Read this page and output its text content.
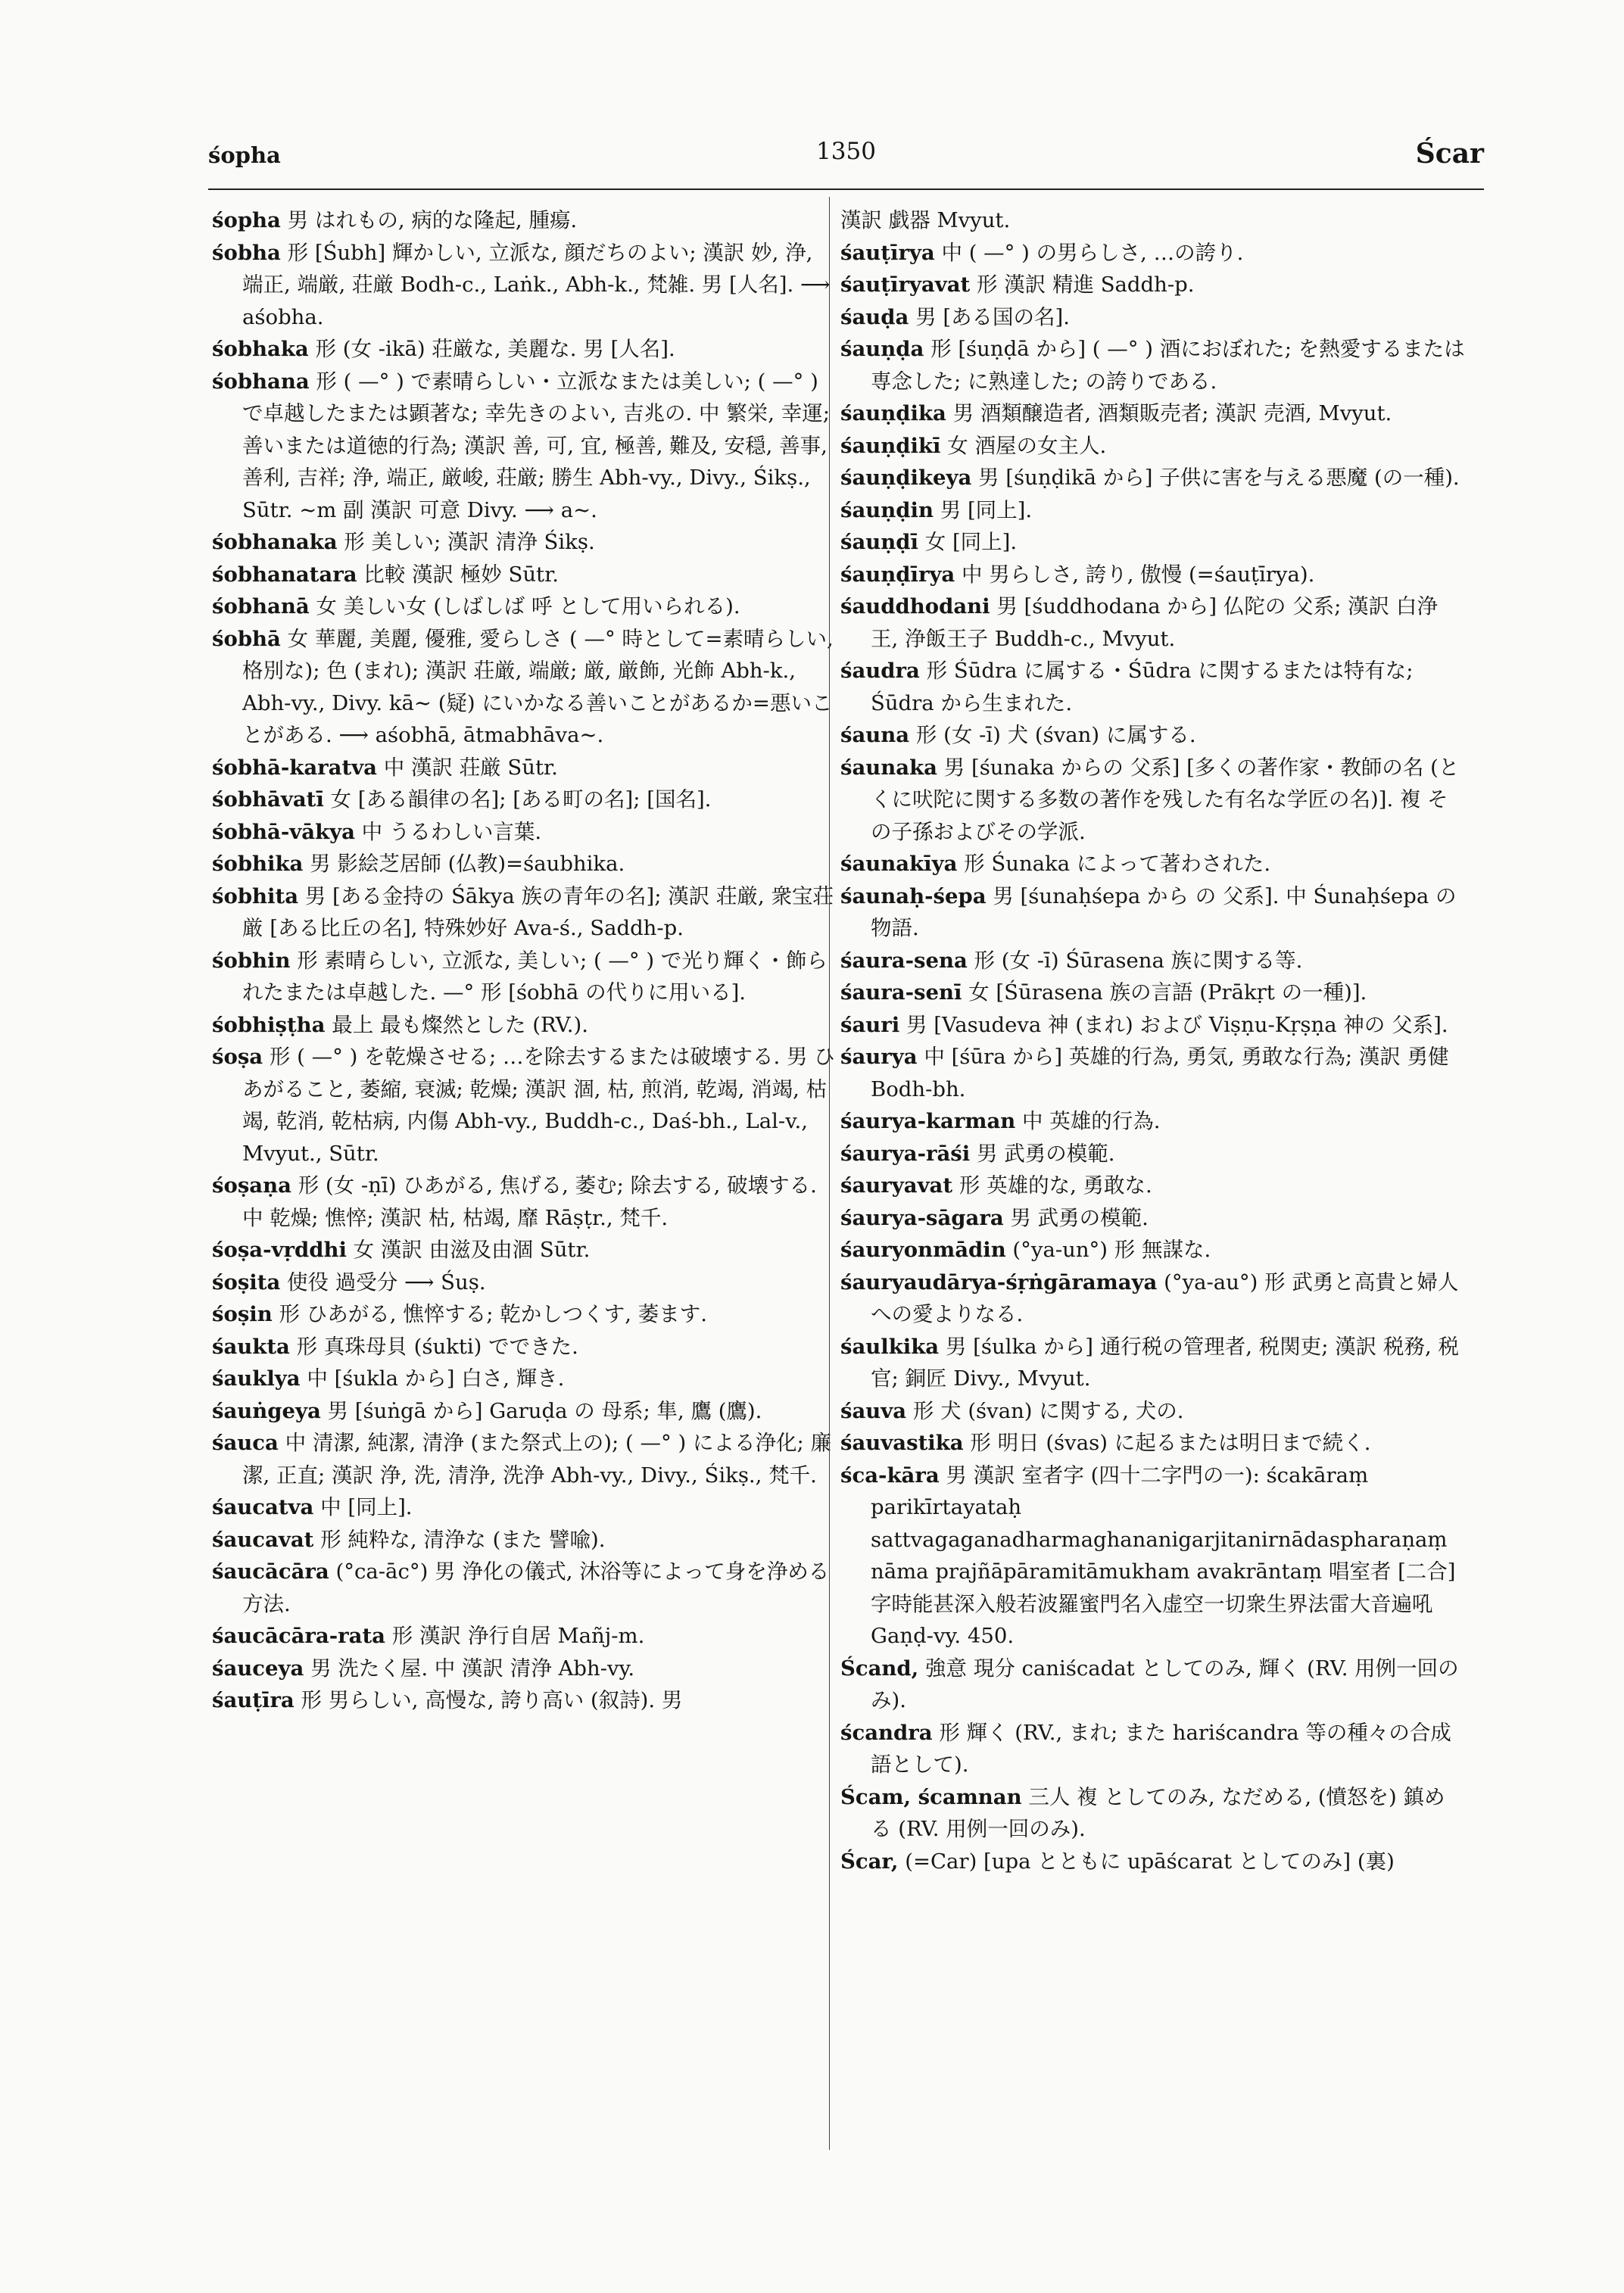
śopha	1350	Ścar

śopha 男 はれもの, 病的な隆起, 腫瘍.

śobha 形 [Śubh] 輝かしい, 立派な, 顔だちのよい; 漢訳 妙, 浄, 端正, 端厳, 荘厳 Bodh-c., Laṅk., Abh-k., 梵雑. 男 [人名]. ⟶ aśobha.

śobhaka 形 (女 -ikā) 荘厳な, 美麗な. 男 [人名].

śobhana 形 ( —° ) で素晴らしい・立派なまたは美しい; ( —° ) で卓越したまたは顕著な; 幸先きのよい, 吉兆の. 中 繁栄, 幸運; 善いまたは道徳的行為; 漢訳 善, 可, 宜, 極善, 難及, 安穏, 善事, 善利, 吉祥; 浄, 端正, 厳峻, 荘厳; 勝生 Abh-vy., Divy., Śikṣ., Sūtr. ∼m 副 漢訳 可意 Divy. ⟶ a∼.

śobhanaka 形 美しい; 漢訳 清浄 Śikṣ.

śobhanatara 比較 漢訳 極妙 Sūtr.

śobhanā 女 美しい女 (しばしば 呼 として用いられる).

śobhā 女 華麗, 美麗, 優雅, 愛らしさ ( —° 時として=素晴らしい, 格別な); 色 (まれ); 漢訳 荘厳, 端厳; 厳, 厳飾, 光飾 Abh-k., Abh-vy., Divy. kā∼ (疑) にいかなる善いことがあるか=悪いことがある. ⟶ aśobhā, ātmabhāva∼.

śobhā-karatva 中 漢訳 荘厳 Sūtr.

śobhāvatī 女 [ある韻律の名]; [ある町の名]; [国名].

śobhā-vākya 中 うるわしい言葉.

śobhika 男 影絵芝居師 (仏教)=śaubhika.

śobhita 男 [ある金持の Śākya 族の青年の名]; 漢訳 荘厳, 衆宝荘厳 [ある比丘の名], 特殊妙好 Ava-ś., Saddh-p.

śobhin 形 素晴らしい, 立派な, 美しい; ( —° ) で光り輝く・飾られたまたは卓越した. —° 形 [śobhā の代りに用いる].

śobhiṣṭha 最上 最も燦然とした (RV.).

śoṣa 形 ( —° ) を乾燥させる; …を除去するまたは破壊する. 男 ひあがること, 萎縮, 衰滅; 乾燥; 漢訳 涸, 枯, 煎消, 乾竭, 消竭, 枯竭, 乾消, 乾枯病, 内傷 Abh-vy., Buddh-c., Daś-bh., Lal-v., Mvyut., Sūtr.

śoṣaṇa 形 (女 -ṇī) ひあがる, 焦げる, 萎む; 除去する, 破壊する. 中 乾燥; 憔悴; 漢訳 枯, 枯竭, 靡 Rāṣṭr., 梵千.

śoṣa-vṛddhi 女 漢訳 由滋及由涸 Sūtr.

śoṣita 使役 過受分 ⟶ Śuṣ.

śoṣin 形 ひあがる, 憔悴する; 乾かしつくす, 萎ます.

śaukta 形 真珠母貝 (śukti) でできた.

śauklya 中 [śukla から] 白さ, 輝き.

śauṅgeya 男 [śuṅgā から] Garuḍa の 母系; 隼, 鷹 (鷹).

śauca 中 清潔, 純潔, 清浄 (また祭式上の); ( —° ) による浄化; 廉潔, 正直; 漢訳 浄, 洗, 清浄, 洗浄 Abh-vy., Divy., Śikṣ., 梵千.

śaucatva 中 [同上].

śaucavat 形 純粋な, 清浄な (また 譬喩).

śaucācāra (°ca-āc°) 男 浄化の儀式, 沐浴等によって身を浄める方法.

śaucācāra-rata 形 漢訳 浄行自居 Mañj-m.

śauceya 男 洗たく屋. 中 漢訳 清浄 Abh-vy.

śauṭīra 形 男らしい, 高慢な, 誇り高い (叙詩). 男

漢訳 戯器 Mvyut.

śauṭīrya 中 ( —° ) の男らしさ, …の誇り.

śauṭīryavat 形 漢訳 精進 Saddh-p.

śauḍa 男 [ある国の名].

śauṇḍa 形 [śuṇḍā から] ( —° ) 酒におぼれた; を熱愛するまたは専念した; に熟達した; の誇りである.

śauṇḍika 男 酒類醸造者, 酒類販売者; 漢訳 売酒, Mvyut.

śauṇḍikī 女 酒屋の女主人.

śauṇḍikeya 男 [śuṇḍikā から] 子供に害を与える悪魔 (の一種).

śauṇḍin 男 [同上].

śauṇḍī 女 [同上].

śauṇḍīrya 中 男らしさ, 誇り, 傲慢 (=śauṭīrya).

śauddhodani 男 [śuddhodana から] 仏陀の 父系; 漢訳 白浄王, 浄飯王子 Buddh-c., Mvyut.

śaudra 形 Śūdra に属する・Śūdra に関するまたは特有な; Śūdra から生まれた.

śauna 形 (女 -ī) 犬 (śvan) に属する.

śaunaka 男 [śunaka からの 父系] [多くの著作家・教師の名 (とくに吠陀に関する多数の著作を残した有名な学匠の名)]. 複 その子孫およびその学派.

śaunakīya 形 Śunaka によって著わされた.

śaunaḥ-śepa 男 [śunaḥśepa から の 父系]. 中 Śunaḥśepa の物語.

śaura-sena 形 (女 -ī) Śūrasena 族に関する等.

śaura-senī 女 [Śūrasena 族の言語 (Prākṛt の一種)].

śauri 男 [Vasudeva 神 (まれ) および Viṣṇu-Kṛṣṇa 神の 父系].

śaurya 中 [śūra から] 英雄的行為, 勇気, 勇敢な行為; 漢訳 勇健 Bodh-bh.

śaurya-karman 中 英雄的行為.

śaurya-rāśi 男 武勇の模範.

śauryavat 形 英雄的な, 勇敢な.

śaurya-sāgara 男 武勇の模範.

śauryonmādin (°ya-un°) 形 無謀な.

śauryaudārya-śṛṅgāramaya (°ya-au°) 形 武勇と高貴と婦人への愛よりなる.

śaulkika 男 [śulka から] 通行税の管理者, 税関吏; 漢訳 税務, 税官; 銅匠 Divy., Mvyut.

śauva 形 犬 (śvan) に関する, 犬の.

śauvastika 形 明日 (śvas) に起るまたは明日まで続く.

śca-kāra 男 漢訳 室者字 (四十二字門の一): ścakāraṃ parikīrtayataḥ sattvagaganadharmaghananigarjitanirnādaspharaṇaṃ nāma prajñāpāramitāmukham avakrāntaṃ 唱室者 [二合] 字時能甚深入般若波羅蜜門名入虚空一切衆生界法雷大音遍吼 Gaṇḍ-vy. 450.

Ścand, 強意 現分 caniścadat としてのみ, 輝く (RV. 用例一回のみ).

ścandra 形 輝く (RV., まれ; また hariścandra 等の種々の合成語として).

Ścam, ścamnan 三人 複 としてのみ, なだめる, (憤怒を) 鎮める (RV. 用例一回のみ).

Ścar, (=Car) [upa とともに upāścarat としてのみ] (裏)
